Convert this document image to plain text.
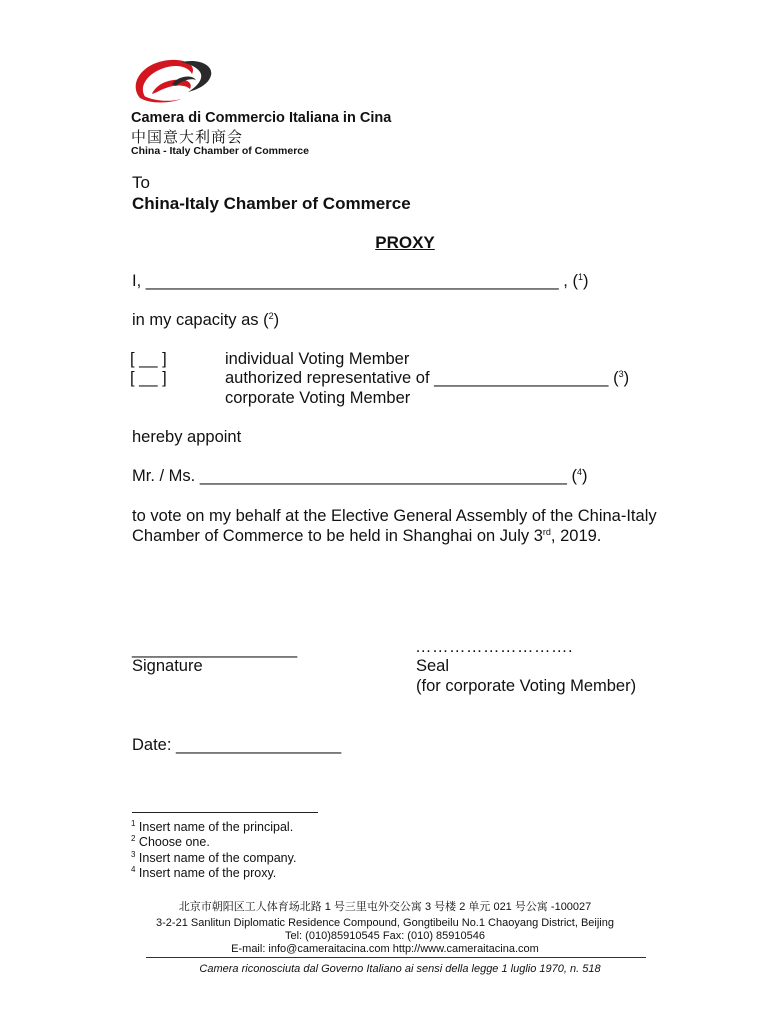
Camera di Commercio Italiana in Cina
中国意大利商会
China - Italy Chamber of Commerce
To
China-Italy Chamber of Commerce
PROXY
I, _____________________________________________ , ($^1$)
in my capacity as ($^2$)
[ __ ]	individual Voting Member
[ __ ]	authorized representative of ___________________ ($^3$)
corporate Voting Member
hereby appoint
Mr. / Ms. ________________________________________ ($^4$)
to vote on my behalf at the Elective General Assembly of the China-Italy Chamber of Commerce to be held in Shanghai on July 3rd, 2019.
__________________
Signature
……………………….
Seal
(for corporate Voting Member)
Date: __________________
$^1$ Insert name of the principal.
$^2$ Choose one.
$^3$ Insert name of the company.
$^4$ Insert name of the proxy.
北京市朝阳区工人体育场北路 1 号三里屯外交公寓 3 号楼 2 单元 021 号公寓 -100027
3-2-21 Sanlitun Diplomatic Residence Compound, Gongtibeilu No.1 Chaoyang District, Beijing
Tel: (010)85910545 Fax: (010) 85910546
E-mail: info@cameraitacina.com http://www.cameraitacina.com
Camera riconosciuta dal Governo Italiano ai sensi della legge 1 luglio 1970, n. 518
